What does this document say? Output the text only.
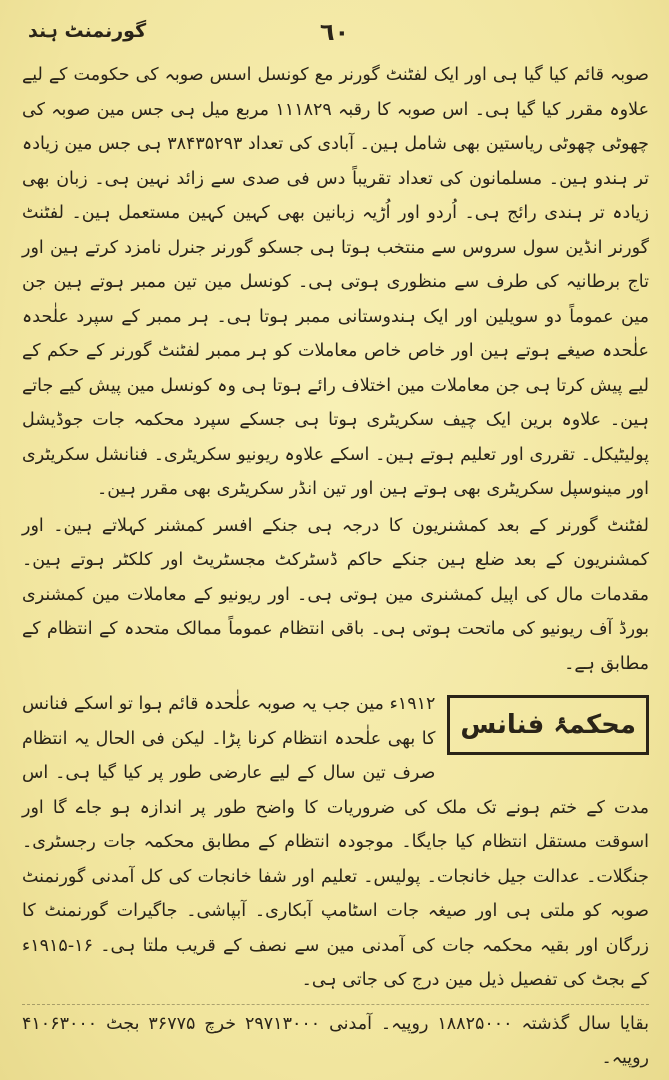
گورنمنٹ ہند	٦٠

صوبہ قائم کیا گیا ہی اور ایک لفٹنٹ گورنر مع کونسل اسس صوبہ کی حکومت کے لیے علاوہ مقرر کیا گیا ہی۔ اس صوبہ کا رقبہ ۱۱۱۸۲۹ مربع میل ہی جس مین صوبہ کی چھوٹی چھوٹی ریاستین بھی شامل ہین۔ آبادی کی تعداد ۳۸۴۳۵۲۹۳ ہی جس مین زیادہ تر ہندو ہین۔ مسلمانون کی تعداد تقریباً دس فی صدی سے زائد نہین ہی۔ زبان بھی زیادہ تر ہندی رائج ہی۔ اُردو اور اُڑیہ زبانین بھی کہین کہین مستعمل ہین۔ لفٹنٹ گورنر انڈین سول سروس سے منتخب ہوتا ہی جسکو گورنر جنرل نامزد کرتے ہین اور تاج برطانیہ کی طرف سے منظوری ہوتی ہی۔ کونسل مین تین ممبر ہوتے ہین جن مین عموماً دو سویلین اور ایک ہندوستانی ممبر ہوتا ہی۔ ہر ممبر کے سپرد علٰحدہ علٰحدہ صیغے ہوتے ہین اور خاص خاص معاملات کو ہر ممبر لفٹنٹ گورنر کے حکم کے لیے پیش کرتا ہی جن معاملات مین اختلاف رائے ہوتا ہی وہ کونسل مین پیش کیے جاتے ہین۔ علاوہ برین ایک چیف سکریٹری ہوتا ہی جسکے سپرد محکمہ جات جوڈیشل پولیٹیکل۔ تقرری اور تعلیم ہوتے ہین۔ اسکے علاوہ ریونیو سکریٹری۔ فنانشل سکریٹری اور مینوسپل سکریٹری بھی ہوتے ہین اور تین انڈر سکریٹری بھی مقرر ہین۔

لفٹنٹ گورنر کے بعد کمشنریون کا درجہ ہی جنکے افسر کمشنر کہلاتے ہین۔ اور کمشنریون کے بعد ضلع ہین جنکے حاکم ڈسٹرکٹ مجسٹریٹ اور کلکٹر ہوتے ہین۔ مقدمات مال کی اپیل کمشنری مین ہوتی ہی۔ اور ریونیو کے معاملات مین کمشنری بورڈ آف ریونیو کی ماتحت ہوتی ہی۔ باقی انتظام عموماً ممالک متحدہ کے انتظام کے مطابق ہے۔

محکمۂ فنانس
۱۹۱۲ء مین جب یہ صوبہ علٰحدہ قائم ہوا تو اسکے فنانس کا بھی علٰحدہ انتظام کرنا پڑا۔ لیکن فی الحال یہ انتظام صرف تین سال کے لیے عارضی طور پر کیا گیا ہی۔ اس مدت کے ختم ہونے تک ملک کی ضروریات کا واضح طور پر اندازہ ہو جاے گا اور اسوقت مستقل انتظام کیا جایگا۔ موجودہ انتظام کے مطابق محکمہ جات رجسٹری۔ جنگلات۔ عدالت جیل خانجات۔ پولیس۔ تعلیم اور شفا خانجات کی کل آمدنی گورنمنٹ صوبہ کو ملتی ہی اور صیغہ جات اسٹامپ آبکاری۔ آبپاشی۔ جاگیرات گورنمنٹ کا زرگان اور بقیہ محکمہ جات کی آمدنی مین سے نصف کے قریب ملتا ہی۔ ۱۶-۱۹۱۵ء کے بجٹ کی تفصیل ذیل مین درج کی جاتی ہی۔

بقایا سال گذشتہ ۱۸۸۲۵۰۰۰ روپیہ۔ آمدنی ۲۹۷۱۳۰۰۰ خرچ ۳۶۷۷۵ بجٹ ۴۱۰۶۳۰۰۰ روپیہ۔
